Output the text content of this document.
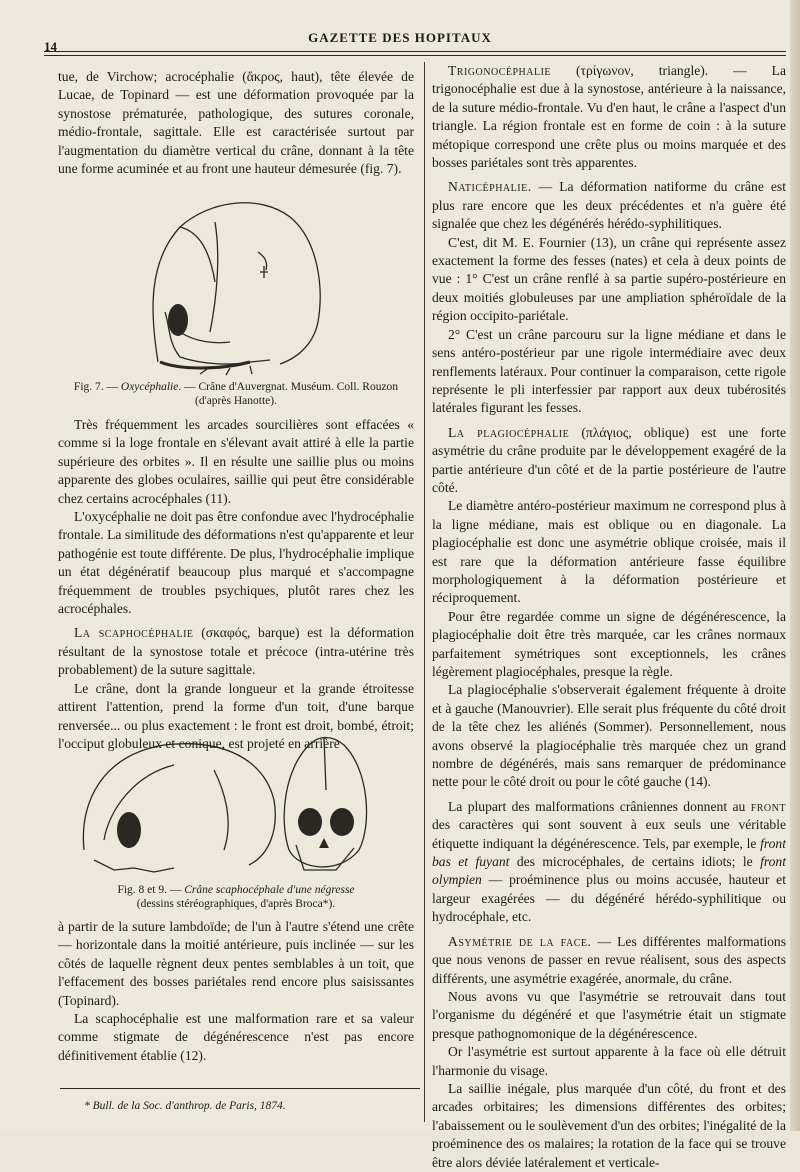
14
GAZETTE DES HOPITAUX

tue, de Virchow; acrocéphalie (ἄκρος, haut), tête élevée de Lucae, de Topinard — est une déformation provoquée par la synostose prématurée, pathologique, des sutures coronale, médio-frontale, sagittale. Elle est caractérisée surtout par l'augmentation du diamètre vertical du crâne, donnant à la tête une forme acuminée et au front une hauteur démesurée (fig. 7).

Fig. 7. — Oxycéphalie. — Crâne d'Auvergnat. Muséum. Coll. Rouzon
(d'après Hanotte).

Très fréquemment les arcades sourcilières sont effacées « comme si la loge frontale en s'élevant avait attiré à elle la partie supérieure des orbites ». Il en résulte une saillie plus ou moins apparente des globes oculaires, saillie qui peut être considérable chez certains acrocéphales (11).

L'oxycéphalie ne doit pas être confondue avec l'hydrocéphalie frontale. La similitude des déformations n'est qu'apparente et leur pathogénie est toute différente. De plus, l'hydrocéphalie implique un état dégénératif beaucoup plus marqué et s'accompagne fréquemment de troubles psychiques, plutôt rares chez les acrocéphales.

La scaphocéphalie (σκαφός, barque) est la déformation résultant de la synostose totale et précoce (intra-utérine très probablement) de la suture sagittale.

Le crâne, dont la grande longueur et la grande étroitesse attirent l'attention, prend la forme d'un toit, d'une barque renversée... ou plus exactement : le front est droit, bombé, étroit; l'occiput globuleux et conique, est projeté en arrière

Fig. 8 et 9. — Crâne scaphocéphale d'une négresse
(dessins stéréographiques, d'après Broca*).

à partir de la suture lambdoïde; de l'un à l'autre s'étend une crête — horizontale dans la moitié antérieure, puis inclinée — sur les côtés de laquelle règnent deux pentes semblables à un toit, que l'effacement des bosses pariétales rend encore plus saisissantes (Topinard).

La scaphocéphalie est une malformation rare et sa valeur comme stigmate de dégénérescence n'est pas encore définitivement établie (12).

* Bull. de la Soc. d'anthrop. de Paris, 1874.

Trigonocéphalie (τρίγωνον, triangle). — La trigonocéphalie est due à la synostose, antérieure à la naissance, de la suture médio-frontale. Vu d'en haut, le crâne a l'aspect d'un triangle. La région frontale est en forme de coin : à la suture métopique correspond une crête plus ou moins marquée et des bosses pariétales sont très apparentes.

Naticéphalie. — La déformation natiforme du crâne est plus rare encore que les deux précédentes et n'a guère été signalée que chez les dégénérés hérédo-syphilitiques.

C'est, dit M. E. Fournier (13), un crâne qui représente assez exactement la forme des fesses (nates) et cela à deux points de vue : 1° C'est un crâne renflé à sa partie supéro-postérieure en deux moitiés globuleuses par une ampliation sphéroïdale de la région occipito-pariétale.

2° C'est un crâne parcouru sur la ligne médiane et dans le sens antéro-postérieur par une rigole intermédiaire avec deux renflements latéraux. Pour continuer la comparaison, cette rigole représente le pli interfessier par rapport aux deux tubérosités latérales figurant les fesses.

La plagiocéphalie (πλάγιος, oblique) est une forte asymétrie du crâne produite par le développement exagéré de la partie antérieure d'un côté et de la partie postérieure de l'autre côté.

Le diamètre antéro-postérieur maximum ne correspond plus à la ligne médiane, mais est oblique ou en diagonale. La plagiocéphalie est donc une asymétrie oblique croisée, mais il est rare que la déformation antérieure fasse équilibre morphologiquement à la déformation postérieure et réciproquement.

Pour être regardée comme un signe de dégénérescence, la plagiocéphalie doit être très marquée, car les crânes normaux parfaitement symétriques sont exceptionnels, les crânes légèrement plagiocéphales, presque la règle.

La plagiocéphalie s'observerait également fréquente à droite et à gauche (Manouvrier). Elle serait plus fréquente du côté droit de la tête chez les aliénés (Sommer). Personnellement, nous avons observé la plagiocéphalie très marquée chez un grand nombre de dégénérés, mais sans remarquer de prédominance nette pour le côté droit ou pour le côté gauche (14).

La plupart des malformations crâniennes donnent au front des caractères qui sont souvent à eux seuls une véritable étiquette indiquant la dégénérescence. Tels, par exemple, le front bas et fuyant des microcéphales, de certains idiots; le front olympien — proéminence plus ou moins accusée, hauteur et largeur exagérées — du dégénéré hérédo-syphilitique ou hydrocéphale, etc.

Asymétrie de la face. — Les différentes malformations que nous venons de passer en revue réalisent, sous des aspects différents, une asymétrie exagérée, anormale, du crâne.

Nous avons vu que l'asymétrie se retrouvait dans tout l'organisme du dégénéré et que l'asymétrie était un stigmate presque pathognomonique de la dégénérescence.

Or l'asymétrie est surtout apparente à la face où elle détruit l'harmonie du visage.

La saillie inégale, plus marquée d'un côté, du front et des arcades orbitaires; les dimensions différentes des orbites; l'abaissement ou le soulèvement d'un des orbites; l'inégalité de la proéminence des os malaires; la rotation de la face qui se trouve être alors déviée latéralement et verticale-
